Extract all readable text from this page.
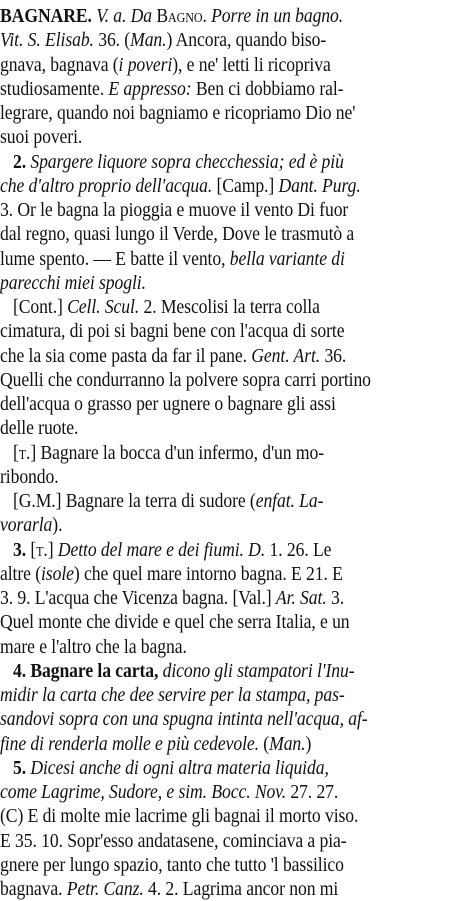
BAGNARE. V. a. Da Bagno. Porre in un bagno.
Vit. S. Elisab. 36. (Man.) Ancora, quando biso-
gnava, bagnava (i poveri), e ne' letti li ricopriva
studiosamente. E appresso: Ben ci dobbiamo ral-
legrare, quando noi bagniamo e ricopriamo Dio ne'
suoi poveri.
2. Spargere liquore sopra checchessia; ed è più
che d'altro proprio dell'acqua. [Camp.] Dant. Purg.
3. Or le bagna la pioggia e muove il vento Di fuor
dal regno, quasi lungo il Verde, Dove le trasmutò a
lume spento. — E batte il vento, bella variante di
parecchi miei spogli.
[Cont.] Cell. Scul. 2. Mescolisi la terra colla
cimatura, di poi si bagni bene con l'acqua di sorte
che la sia come pasta da far il pane. Gent. Art. 36.
Quelli che condurranno la polvere sopra carri portino
dell'acqua o grasso per ugnere o bagnare gli assi
delle ruote.
[t.] Bagnare la bocca d'un infermo, d'un mo-
ribondo.
[G.M.] Bagnare la terra di sudore (enfat. La-
vorarla).
3. [t.] Detto del mare e dei fiumi. D. 1. 26. Le
altre (isole) che quel mare intorno bagna. E 21. E
3. 9. L'acqua che Vicenza bagna. [Val.] Ar. Sat. 3.
Quel monte che divide e quel che serra Italia, e un
mare e l'altro che la bagna.
4. Bagnare la carta, dicono gli stampatori l'Inu-
midir la carta che dee servire per la stampa, pas-
sandovi sopra con una spugna intinta nell'acqua, af-
fine di renderla molle e più cedevole. (Man.)
5. Dicesi anche di ogni altra materia liquida,
come Lagrime, Sudore, e sim. Bocc. Nov. 27. 27.
(C) E di molte mie lacrime gli bagnai il morto viso.
E 35. 10. Sopr'esso andatasene, cominciava a pia-
gnere per lungo spazio, tanto che tutto 'l bassilico
bagnava. Petr. Canz. 4. 2. Lagrima ancor non mi
